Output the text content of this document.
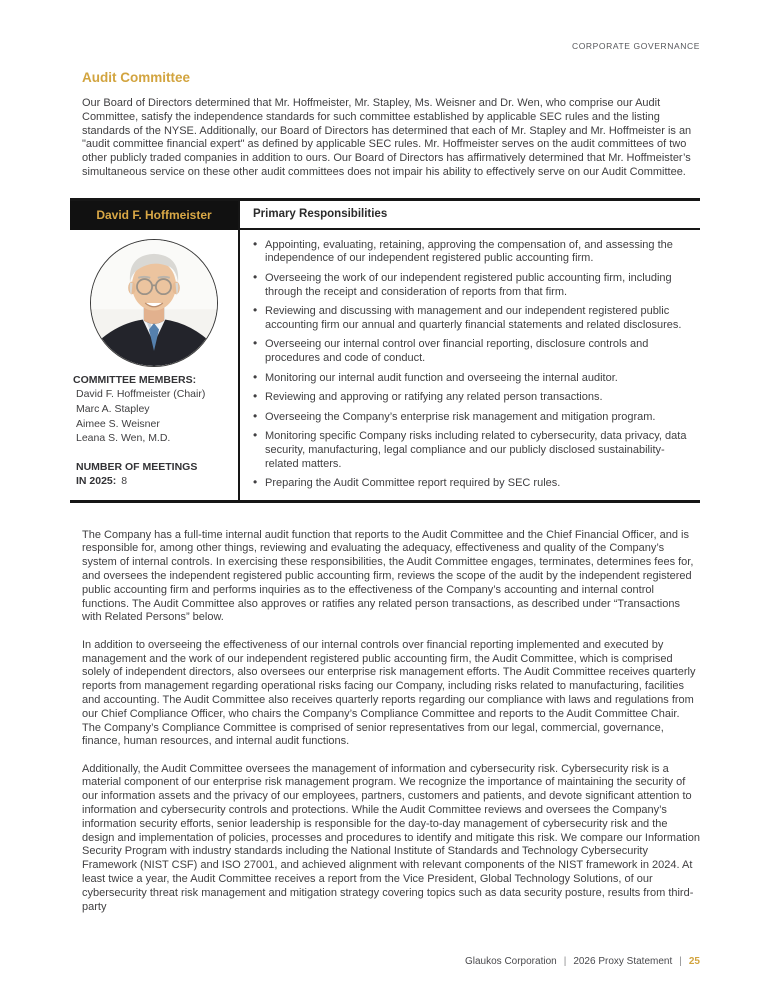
CORPORATE GOVERNANCE
Audit Committee

Our Board of Directors determined that Mr. Hoffmeister, Mr. Stapley, Ms. Weisner and Dr. Wen, who comprise our Audit Committee, satisfy the independence standards for such committee established by applicable SEC rules and the listing standards of the NYSE. Additionally, our Board of Directors has determined that each of Mr. Stapley and Mr. Hoffmeister is an "audit committee financial expert" as defined by applicable SEC rules. Mr. Hoffmeister serves on the audit committees of two other publicly traded companies in addition to ours. Our Board of Directors has affirmatively determined that Mr. Hoffmeister’s simultaneous service on these other audit committees does not impair his ability to effectively serve on our Audit Committee.

David F. Hoffmeister
COMMITTEE MEMBERS:
David F. Hoffmeister (Chair)
Marc A. Stapley
Aimee S. Weisner
Leana S. Wen, M.D.
NUMBER OF MEETINGS
IN 2025: 8
Primary Responsibilities
• Appointing, evaluating, retaining, approving the compensation of, and assessing the independence of our independent registered public accounting firm.
• Overseeing the work of our independent registered public accounting firm, including through the receipt and consideration of reports from that firm.
• Reviewing and discussing with management and our independent registered public accounting firm our annual and quarterly financial statements and related disclosures.
• Overseeing our internal control over financial reporting, disclosure controls and procedures and code of conduct.
• Monitoring our internal audit function and overseeing the internal auditor.
• Reviewing and approving or ratifying any related person transactions.
• Overseeing the Company’s enterprise risk management and mitigation program.
• Monitoring specific Company risks including related to cybersecurity, data privacy, data security, manufacturing, legal compliance and our publicly disclosed sustainability-related matters.
• Preparing the Audit Committee report required by SEC rules.

The Company has a full-time internal audit function that reports to the Audit Committee and the Chief Financial Officer, and is responsible for, among other things, reviewing and evaluating the adequacy, effectiveness and quality of the Company’s system of internal controls. In exercising these responsibilities, the Audit Committee engages, terminates, determines fees for, and oversees the independent registered public accounting firm, reviews the scope of the audit by the independent registered public accounting firm and performs inquiries as to the effectiveness of the Company’s accounting and internal control functions. The Audit Committee also approves or ratifies any related person transactions, as described under “Transactions with Related Persons” below.

In addition to overseeing the effectiveness of our internal controls over financial reporting implemented and executed by management and the work of our independent registered public accounting firm, the Audit Committee, which is comprised solely of independent directors, also oversees our enterprise risk management efforts. The Audit Committee receives quarterly reports from management regarding operational risks facing our Company, including risks related to manufacturing, facilities and accounting. The Audit Committee also receives quarterly reports regarding our compliance with laws and regulations from our Chief Compliance Officer, who chairs the Company’s Compliance Committee and reports to the Audit Committee Chair. The Company’s Compliance Committee is comprised of senior representatives from our legal, commercial, governance, finance, human resources, and internal audit functions.

Additionally, the Audit Committee oversees the management of information and cybersecurity risk. Cybersecurity risk is a material component of our enterprise risk management program. We recognize the importance of maintaining the security of our information assets and the privacy of our employees, partners, customers and patients, and devote significant attention to information and cybersecurity controls and protections. While the Audit Committee reviews and oversees the Company’s information security efforts, senior leadership is responsible for the day-to-day management of cybersecurity risk and the design and implementation of policies, processes and procedures to identify and mitigate this risk. We compare our Information Security Program with industry standards including the National Institute of Standards and Technology Cybersecurity Framework (NIST CSF) and ISO 27001, and achieved alignment with relevant components of the NIST framework in 2024. At least twice a year, the Audit Committee receives a report from the Vice President, Global Technology Solutions, of our cybersecurity threat risk management and mitigation strategy covering topics such as data security posture, results from third-party

Glaukos Corporation | 2026 Proxy Statement | 25
